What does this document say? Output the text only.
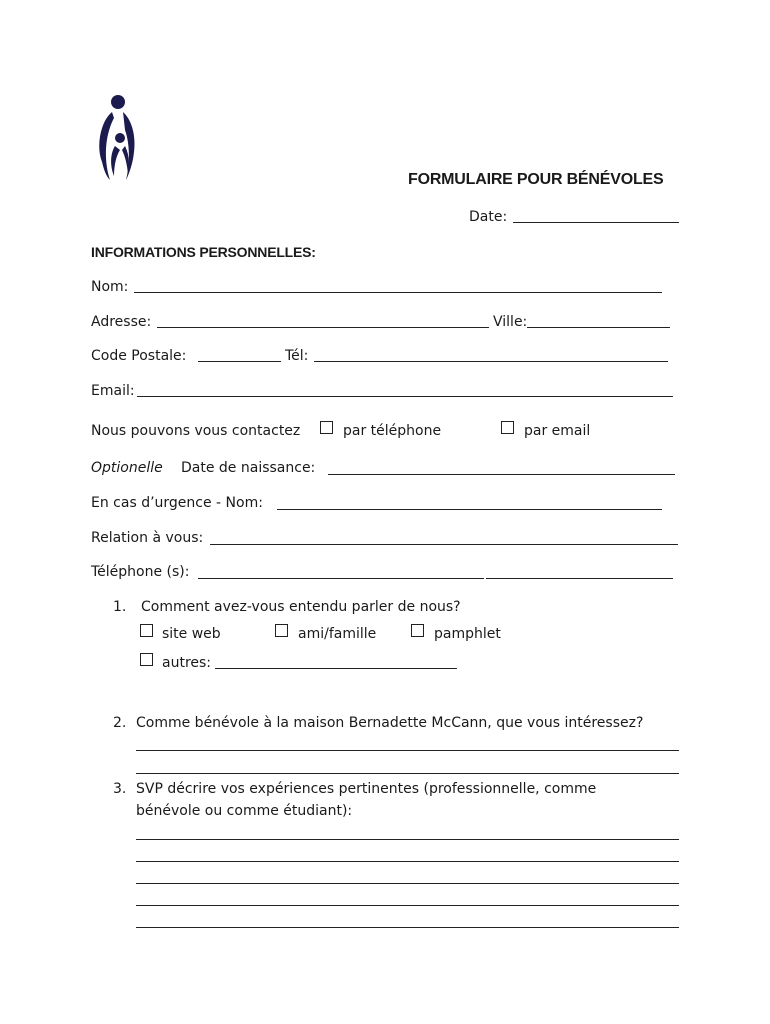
FORMULAIRE POUR BÉNÉVOLES
Date:
INFORMATIONS PERSONNELLES:
Nom:
Adresse:	Ville:
Code Postale:	Tél:
Email:
Nous pouvons vous contactez	par téléphone	par email
Optionelle Date de naissance:
En cas d’urgence - Nom:
Relation à vous:
Téléphone (s):
1. Comment avez-vous entendu parler de nous?
site web	ami/famille	pamphlet
autres:
2. Comme bénévole à la maison Bernadette McCann, que vous intéressez?
3. SVP décrire vos expériences pertinentes (professionnelle, comme
bénévole ou comme étudiant):
